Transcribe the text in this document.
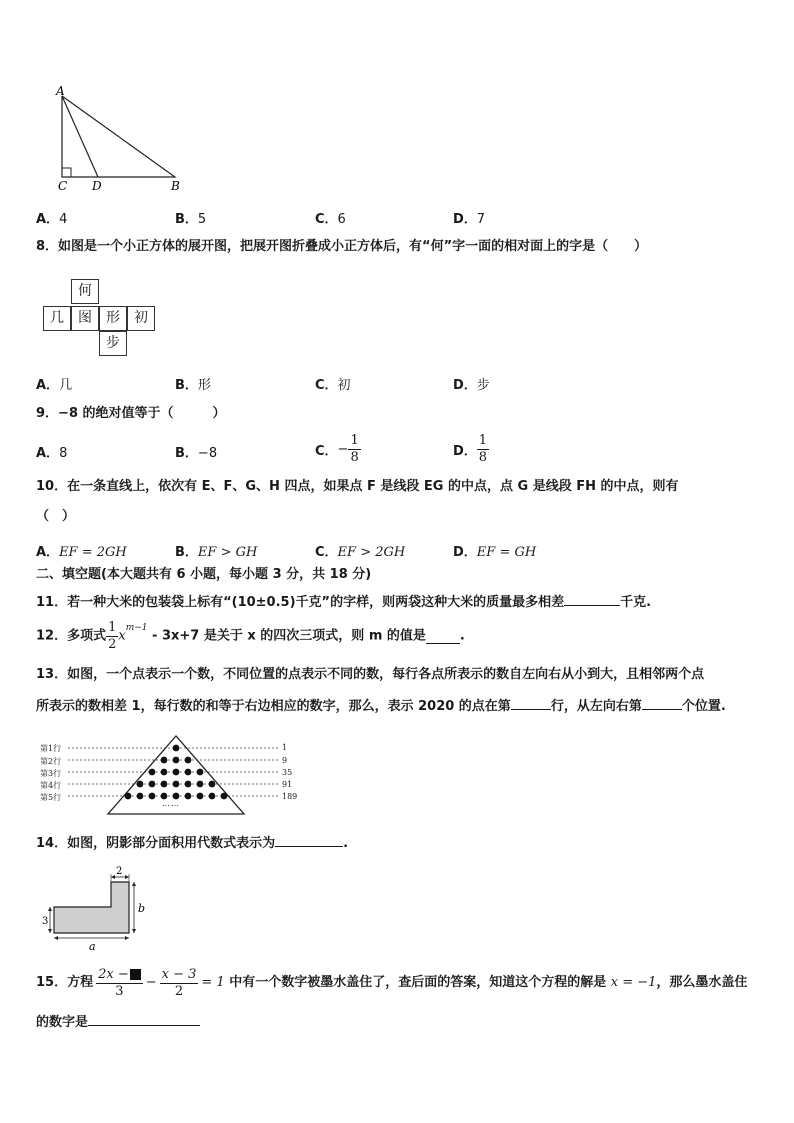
A
C D	B
A．4	B．5	C．6	D．7
8．如图是一个小正方体的展开图，把展开图折叠成小正方体后，有“何”字一面的相对面上的字是（　　）
何
几	图	形	初
步
A．几	B．形	C．初	D．步
9．−8 的绝对值等于（　　　）
A．8	B．−8	C．− $\frac{1}{8}$	D． $\frac{1}{8}$
10．在一条直线上，依次有 E、F、G、H 四点，如果点 F 是线段 EG 的中点，点 G 是线段 FH 的中点，则有
（　）
A．EF = 2GH	B．EF > GH	C．EF > 2GH	D．EF = GH
二、填空题(本大题共有 6 小题，每小题 3 分，共 18 分)
11．若一种大米的包装袋上标有“(10±0.5)千克”的字样，则两袋这种大米的质量最多相差	千克.
12．多项式 $\frac{1}{2} x^{m-1} - 3x+7$ 是关于 x 的四次三项式，则 m 的值是	.
13．如图，一个点表示一个数，不同位置的点表示不同的数，每行各点所表示的数自左向右从小到大，且相邻两个点
所表示的数相差 1，每行数的和等于右边相应的数字，那么，表示 2020 的点在第	行，从左向右第	个位置.
第1行
第2行
第3行
第4行
第5行
1
9
35
91
189
……
14．如图，阴影部分面积用代数式表示为	.
2
3
b
a
15．方程 $\frac{2x -}{3} - \frac{x - 3}{2} = 1$ 中有一个数字被墨水盖住了，查后面的答案，知道这个方程的解是 x = −1，那么墨水盖住
的数字是
